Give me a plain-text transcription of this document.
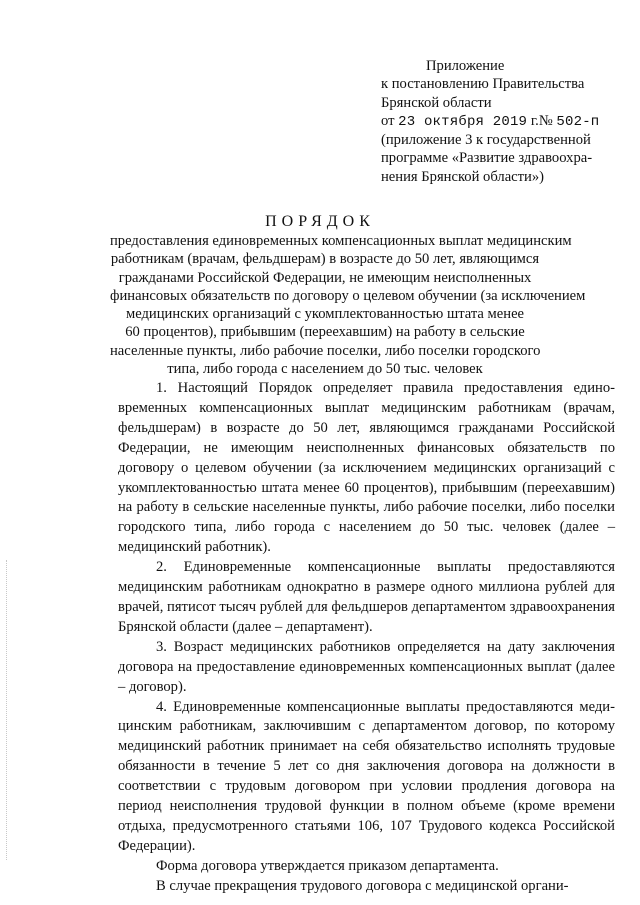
Приложение
к постановлению Правительства
Брянской области
от 23 октября 2019 г.№ 502-п
(приложение 3 к государственной
программе «Развитие здравоохра-
нения Брянской области»)
ПОРЯДОК
предоставления единовременных компенсационных выплат медицинским
работникам (врачам, фельдшерам) в возрасте до 50 лет, являющимся
гражданами Российской Федерации, не имеющим неисполненных
финансовых обязательств по договору о целевом обучении (за исключением
медицинских организаций с укомплектованностью штата менее
60 процентов), прибывшим (переехавшим) на работу в сельские
населенные пункты, либо рабочие поселки, либо поселки городского
типа, либо города с населением до 50 тыс. человек

1. Настоящий Порядок определяет правила предоставления единовременных компенсационных выплат медицинским работникам (врачам, фельдшерам) в возрасте до 50 лет, являющимся гражданами Российской Федерации, не имеющим неисполненных финансовых обязательств по договору о целевом обучении (за исключением медицинских организаций с укомплектованностью штата менее 60 процентов), прибывшим (переехавшим) на работу в сельские населенные пункты, либо рабочие поселки, либо поселки городского типа, либо города с населением до 50 тыс. человек (далее – медицинский работник).

2. Единовременные компенсационные выплаты предоставляются медицинским работникам однократно в размере одного миллиона рублей для врачей, пятисот тысяч рублей для фельдшеров департаментом здравоохранения Брянской области (далее – департамент).

3. Возраст медицинских работников определяется на дату заключения договора на предоставление единовременных компенсационных выплат (далее – договор).

4. Единовременные компенсационные выплаты предоставляются медицинским работникам, заключившим с департаментом договор, по которому медицинский работник принимает на себя обязательство исполнять трудовые обязанности в течение 5 лет со дня заключения договора на должности в соответствии с трудовым договором при условии продления договора на период неисполнения трудовой функции в полном объеме (кроме времени отдыха, предусмотренного статьями 106, 107 Трудового кодекса Российской Федерации).

Форма договора утверждается приказом департамента.

В случае прекращения трудового договора с медицинской органи-
